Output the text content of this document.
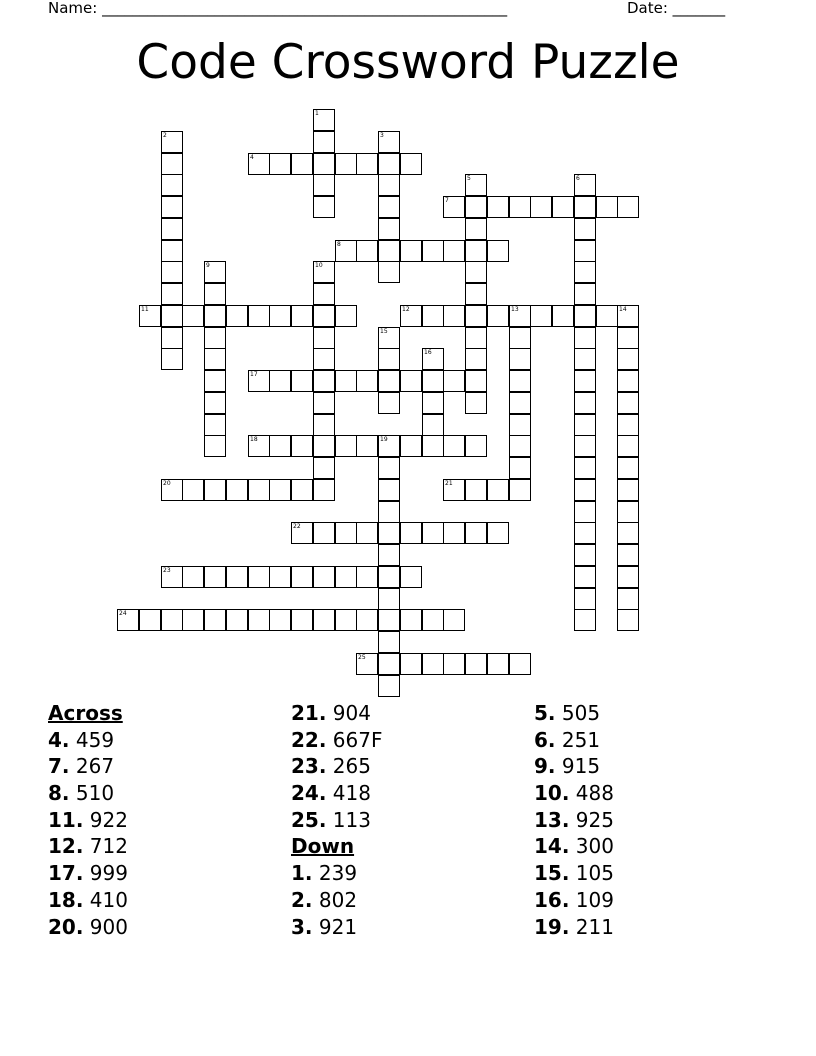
Name: ______________________________________________________	Date: _______
Code Crossword Puzzle
1
2	3
4
5	6
7
8
9	10
11	12	13	14
15
16
17
18	19
20	21
22
23
24
25
Across
4. 459
7. 267
8. 510
11. 922
12. 712
17. 999
18. 410
20. 900
21. 904
22. 667F
23. 265
24. 418
25. 113
Down
1. 239
2. 802
3. 921
5. 505
6. 251
9. 915
10. 488
13. 925
14. 300
15. 105
16. 109
19. 211
